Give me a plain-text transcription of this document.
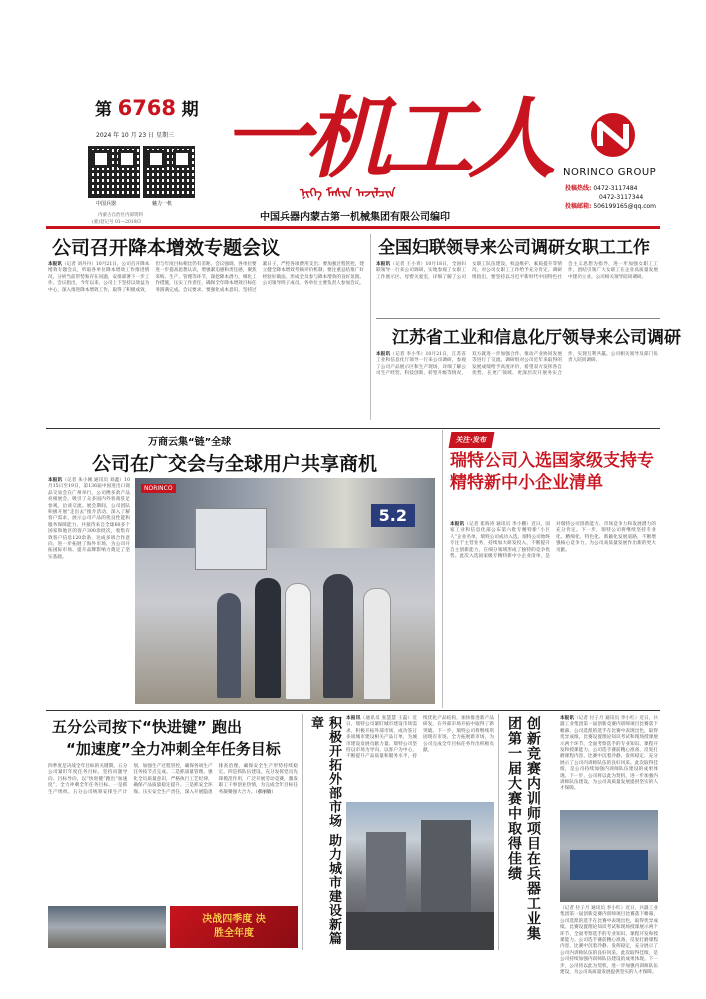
第 6768 期
2024 年 10 月 23 日 星期三
中国兵器	魅力一机
内蒙古自治区内部资料
(蒙)登记号 01—2019/3
一机工人
ᠨᠢᠭᠡ ᠮᠠᠰᠢᠨ ᠠᠵᠢᠯᠴᠢᠨ
中国兵器内蒙古第一机械集团有限公司编印
NORINCO GROUP
投稿热线: 0472-3117484
0472-3117344
投稿邮箱: 506199165@qq.com
公司召开降本增效专题会议
本报讯（记者 刘丹丹）10月21日，公司召开降本增效专题会议，听取各单位降本增效工作推进情况，分析当前形势和存在问题，安排部署下一步工作。会议指出，今年以来，公司上下坚持以效益为中心，深入推进降本增效工作，取得了积极成效，但与年度目标相比仍有差距。会议强调，各单位要进一步提高思想认识，增强紧迫感和责任感，聚焦采购、生产、管理等环节，深挖降本潜力，细化工作措施，压实工作责任，确保全年降本增效目标任务圆满完成。会议要求，要强化成本意识，坚持过紧日子，严控各项费用支出；要加强过程管控，建立健全降本增效考核评价机制；要注重总结推广好经验好做法，形成全员参与降本增效的良好氛围。公司领导班子成员、各单位主要负责人参加会议。
全国妇联领导来公司调研女职工工作
本报讯（记者 王小青）10月18日，全国妇联领导一行来公司调研，实地参观了女职工工作展示区、母婴关爱室，详细了解了公司女职工队伍建设、权益维护、素质提升等情况，对公司女职工工作给予充分肯定。调研组指出，要坚持以习近平新时代中国特色社会主义思想为指导，进一步加强女职工工作，团结引领广大女职工在企业高质量发展中建功立业。公司相关领导陪同调研。
江苏省工业和信息化厅领导来公司调研
本报讯（记者 李小华）10月21日，江苏省工业和信息化厅领导一行来公司调研，参观了公司产品展示区和生产现场，详细了解公司生产经营、科技创新、转型升级等情况，双方就进一步加强合作、推动产业协同发展等进行了交流。调研组对公司近年来取得的发展成绩给予高度评价，希望双方发挥各自优势，在更广领域、更深层次开展务实合作，实现互利共赢。公司相关领导及部门负责人陪同调研。
万商云集“链”全球
公司在广交会与全球用户共享商机
本报讯（记者 朱小刚 通讯员 刘鑫）10月15日至19日，第136届中国进出口商品交易会在广州举行，公司携多款产品亮相展会，吸引了众多国内外客商驻足参观、洽谈交流。展会期间，公司团队积极开展“走出去”推介活动，深入了解客户需求，展示公司产品的优良性能和服务保障能力，共接待来自全球60多个国家和地区的客户300余批次，收集有效客户信息120余条，达成多项合作意向，进一步拓展了海外市场，为公司开拓国际市场、提升品牌影响力奠定了坚实基础。
NORINCO
5.2
关注·发布
瑞特公司入选国家级支持专精特新中小企业清单
本报讯（记者 崔海涛 通讯员 李小鹏）近日，国家工业和信息化部公布第六批专精特新“小巨人”企业名单，瑞特公司成功入选。瑞特公司始终专注于主营业务，持续加大研发投入，不断提升自主创新能力，在细分领域形成了独特的竞争优势。此次入选国家级专精特新中小企业清单，是对瑞特公司创新能力、市场竞争力和发展潜力的充分肯定。下一步，瑞特公司将继续坚持专业化、精细化、特色化、新颖化发展道路，不断增强核心竞争力，为公司高质量发展作出新的更大贡献。
五分公司按下“快进键” 跑出
“加速度”全力冲刺全年任务目标
四季度是决战全年目标的关键期。五分公司紧盯年度任务目标，坚持问题导向、目标导向，以“快进键”跑出“加速度”，全力冲刺全年任务目标。一是抓生产组织。五分公司统筹安排生产计划，加强生产过程管控，确保各项生产任务按节点完成。二是抓质量管理。强化全员质量意识，严格执行工艺纪律，确保产品质量稳定提升。三是抓安全环保。压实安全生产责任，深入开展隐患排查治理，确保安全生产形势持续稳定。四是抓队伍建设。充分发挥党员先锋模范作用，广泛开展劳动竞赛，激发职工干事创业热情，为完成全年目标任务凝聚强大合力。（郝丽敏）
决战四季度 决胜全年度	积极开拓外部市场 助力城市建设新篇章	本报讯（通讯员 张慧慧 王磊）近日，瑞特公司紧盯城市建设市场需求，积极开拓外部市场，成功签订多项城市建设相关产品订单，为城市建设发展贡献力量。瑞特公司坚持以市场为导向，以客户为中心，不断提升产品质量和服务水平，持续优化产品结构，加快推进新产品研发，在外部市场开拓中取得了新突破。下一步，瑞特公司将继续巩固现有市场，全力拓展新市场，为公司完成全年目标任务作出积极贡献。	创新竞赛内训师项目在兵器工业集团第一届大赛中取得佳绩	本报讯（记者 付子月 通讯员 李小红）近日，兵器工业集团第一届创新竞赛内训师项目比赛落下帷幕，公司选派的选手在比赛中表现出色，取得优异成绩。比赛设置理论知识考试和现场授课展示两个环节，全面考察选手的专业知识、课程开发和授课能力。公司选手赛前精心准备，反复打磨课程内容，比赛中沉着冷静、发挥稳定，充分展示了公司内训师队伍的良好风采。此次取得佳绩，是公司持续加强内训师队伍建设的成果体现。下一步，公司将以此为契机，进一步加强内训师队伍建设，为公司高质量发展提供坚实的人才保障。
（记者 付子月 通讯员 李小红）近日，兵器工业集团第一届创新竞赛内训师项目比赛落下帷幕，公司选派的选手在比赛中表现出色，取得优异成绩。比赛设置理论知识考试和现场授课展示两个环节，全面考察选手的专业知识、课程开发和授课能力。公司选手赛前精心准备，反复打磨课程内容，比赛中沉着冷静、发挥稳定，充分展示了公司内训师队伍的良好风采。此次取得佳绩，是公司持续加强内训师队伍建设的成果体现。下一步，公司将以此为契机，进一步加强内训师队伍建设，为公司高质量发展提供坚实的人才保障。
